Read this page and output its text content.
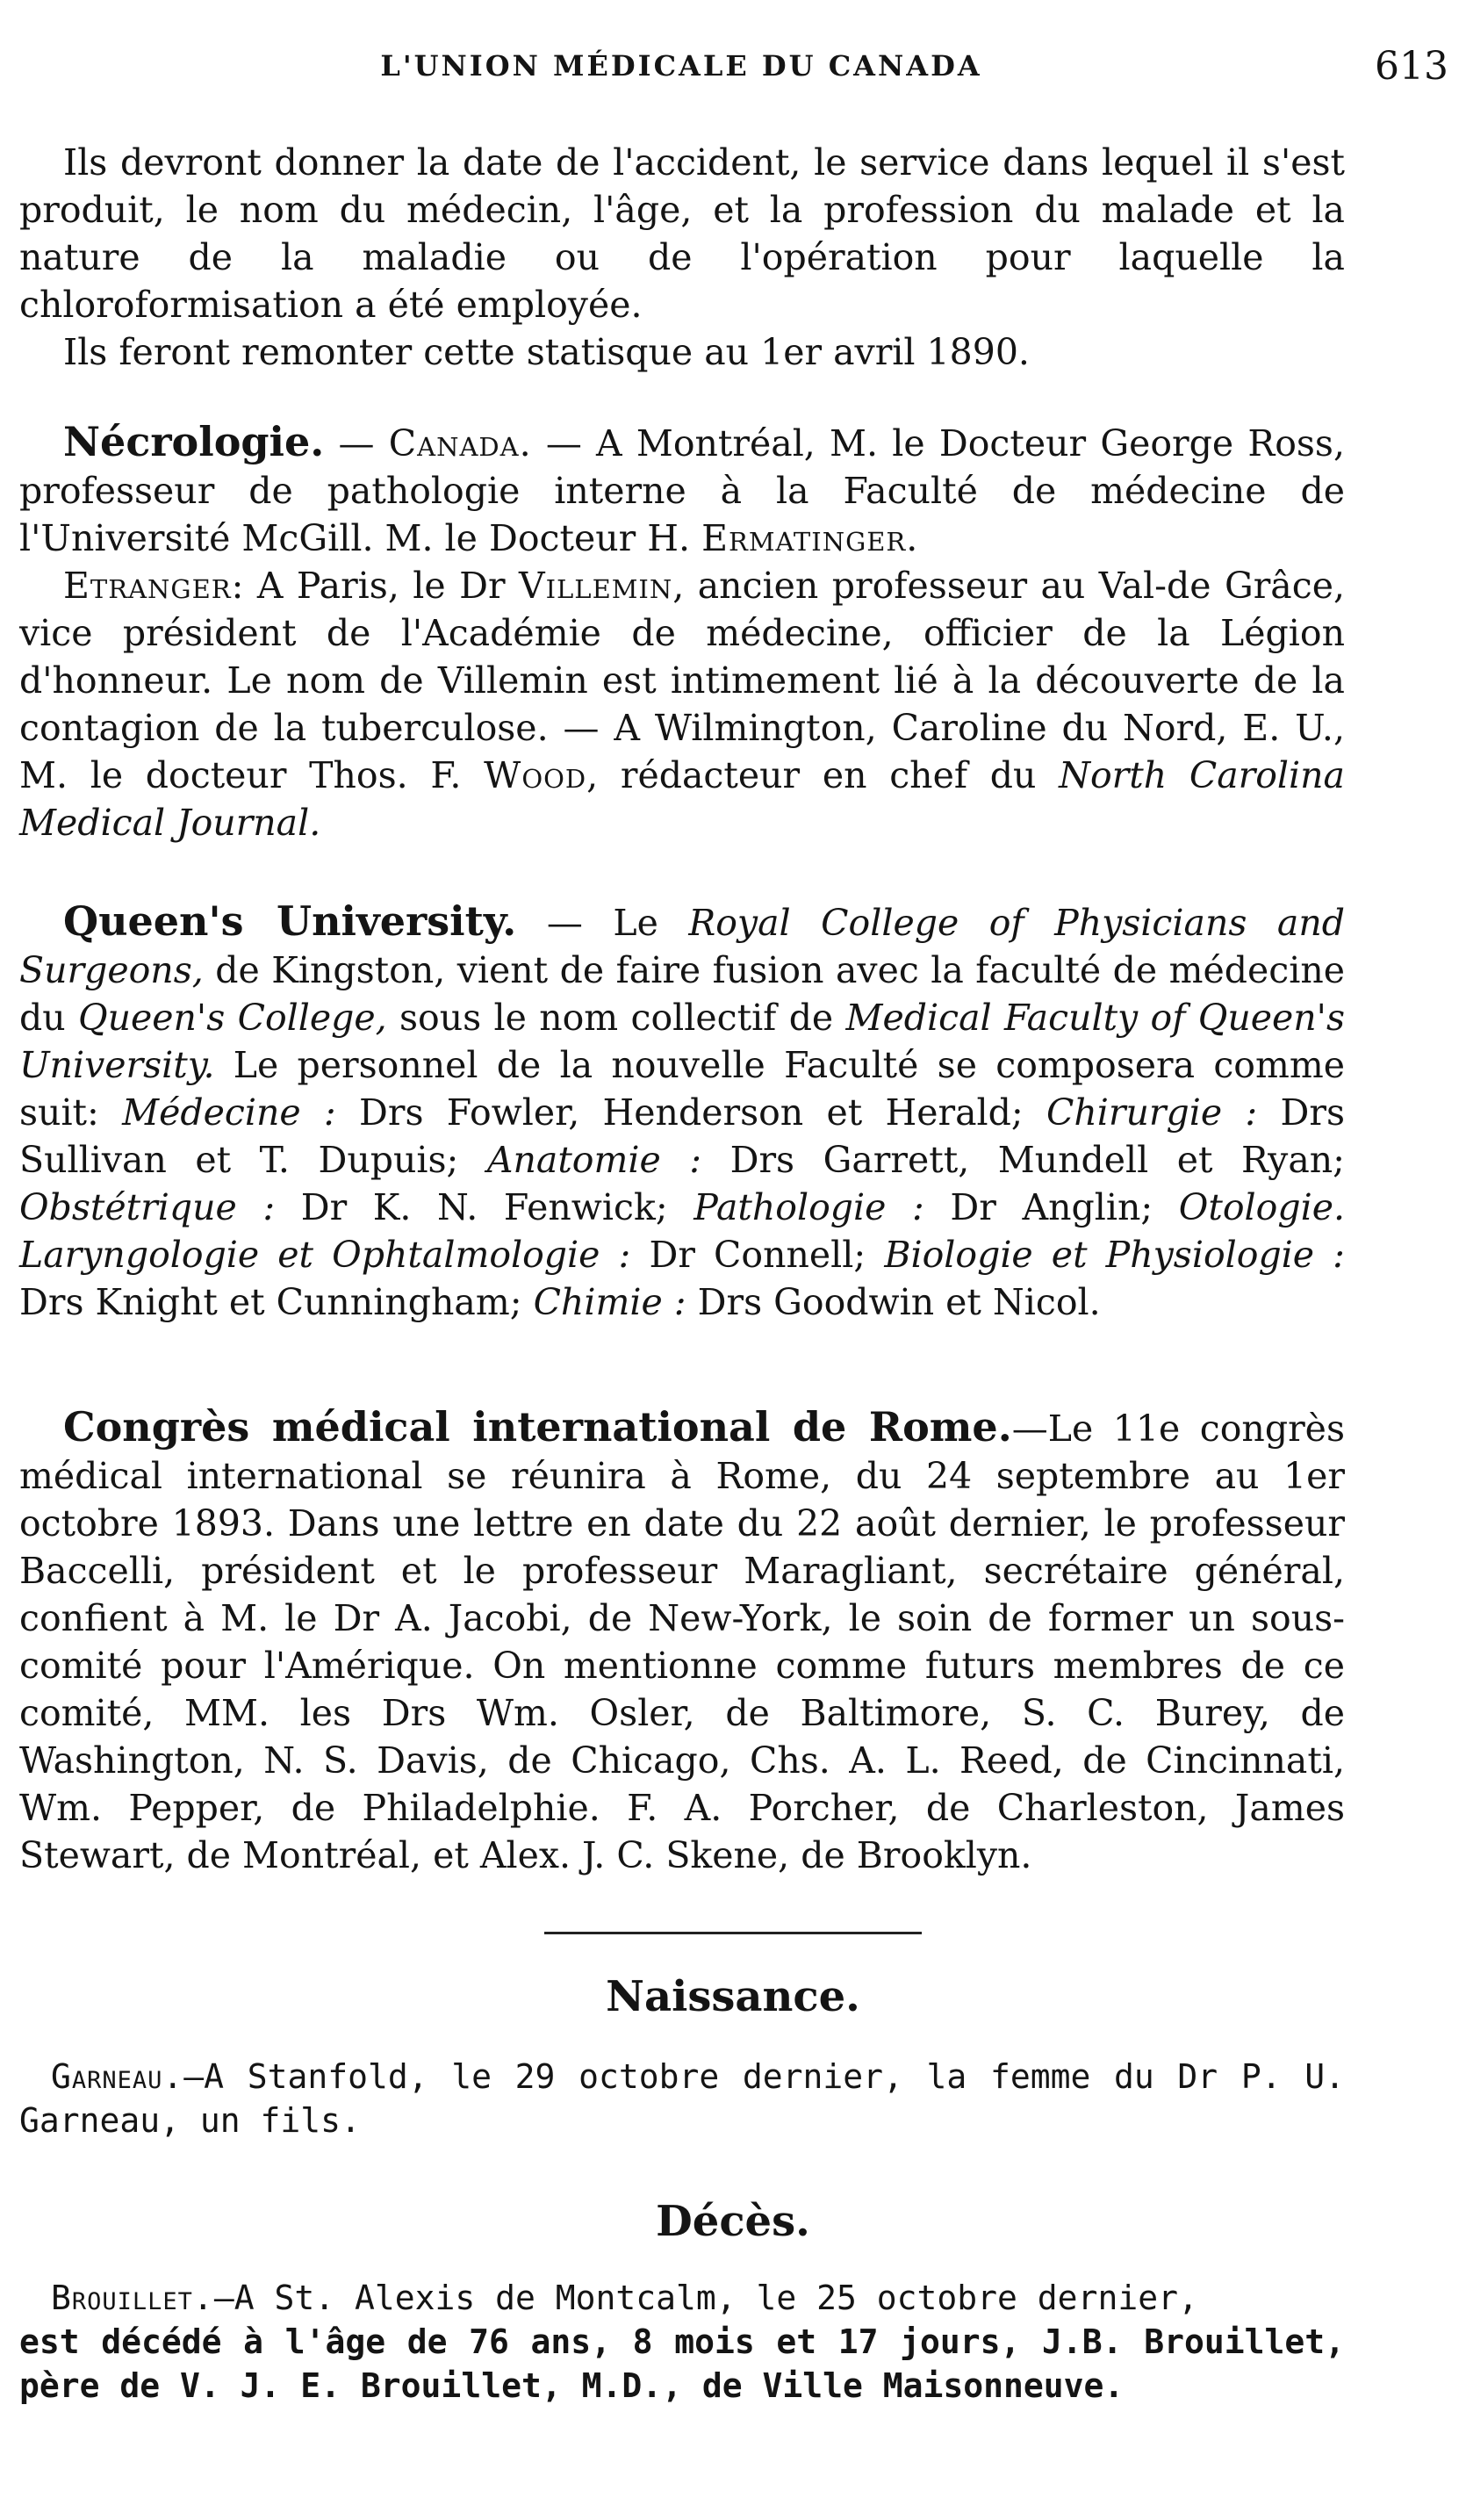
L'UNION MÉDICALE DU CANADA	613

Ils devront donner la date de l'accident, le service dans lequel il s'est produit, le nom du médecin, l'âge, et la profession du malade et la nature de la maladie ou de l'opération pour laquelle la chloroformisation a été employée.

Ils feront remonter cette statisque au 1er avril 1890.

Nécrologie. — Canada. — A Montréal, M. le Docteur George Ross, professeur de pathologie interne à la Faculté de médecine de l'Université McGill. M. le Docteur H. Ermatinger.
Etranger: A Paris, le Dr Villemin, ancien professeur au Val-de Grâce, vice président de l'Académie de médecine, officier de la Légion d'honneur. Le nom de Villemin est intimement lié à la découverte de la contagion de la tuberculose. — A Wilmington, Caroline du Nord, E. U., M. le docteur Thos. F. Wood, rédacteur en chef du North Carolina Medical Journal.

Queen's University. — Le Royal College of Physicians and Surgeons, de Kingston, vient de faire fusion avec la faculté de médecine du Queen's College, sous le nom collectif de Medical Faculty of Queen's University. Le personnel de la nouvelle Faculté se composera comme suit: Médecine : Drs Fowler, Henderson et Herald; Chirurgie : Drs Sullivan et T. Dupuis; Anatomie : Drs Garrett, Mundell et Ryan; Obstétrique : Dr K. N. Fenwick; Pathologie : Dr Anglin; Otologie. Laryngologie et Ophtalmologie : Dr Connell; Biologie et Physiologie : Drs Knight et Cunningham; Chimie : Drs Goodwin et Nicol.

Congrès médical international de Rome.—Le 11e congrès médical international se réunira à Rome, du 24 septembre au 1er octobre 1893. Dans une lettre en date du 22 août dernier, le professeur Baccelli, président et le professeur Maragliant, secrétaire général, confient à M. le Dr A. Jacobi, de New-York, le soin de former un sous-comité pour l'Amérique. On mentionne comme futurs membres de ce comité, MM. les Drs Wm. Osler, de Baltimore, S. C. Burey, de Washington, N. S. Davis, de Chicago, Chs. A. L. Reed, de Cincinnati, Wm. Pepper, de Philadelphie. F. A. Porcher, de Charleston, James Stewart, de Montréal, et Alex. J. C. Skene, de Brooklyn.

Naissance.

Garneau.—A Stanfold, le 29 octobre dernier, la femme du Dr P. U. Garneau, un fils.

Décès.

Brouillet.—A St. Alexis de Montcalm, le 25 octobre dernier,

est décédé à l'âge de 76 ans, 8 mois et 17 jours, J.B. Brouillet, père de V. J. E. Brouillet, M.D., de Ville Maisonneuve.
